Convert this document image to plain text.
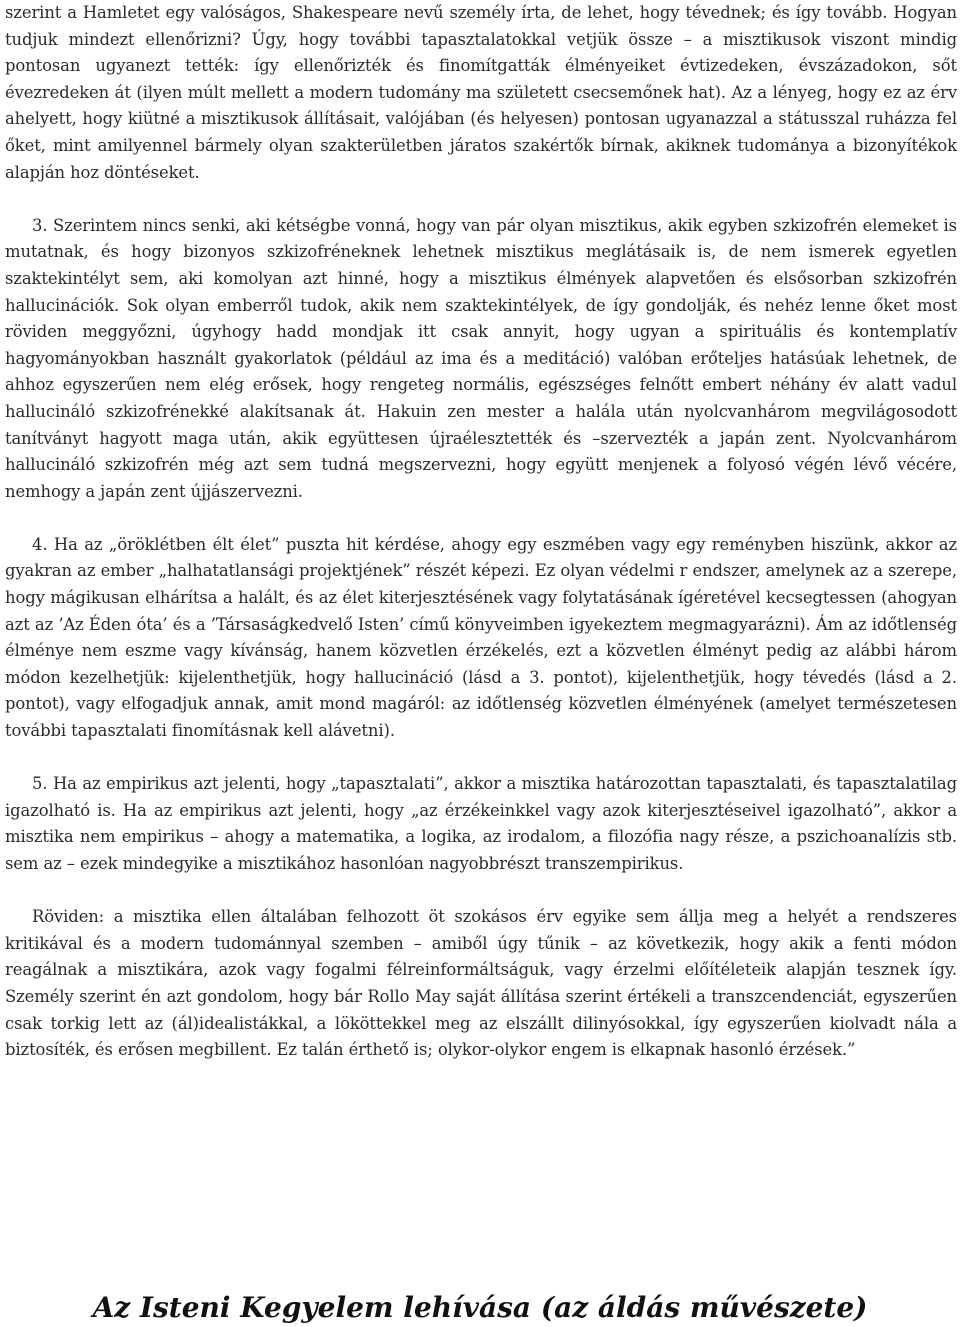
szerint a Hamletet egy valóságos, Shakespeare nevű személy írta, de lehet, hogy tévednek; és így tovább. Hogyan tudjuk mindezt ellenőrizni? Úgy, hogy további tapasztalatokkal vetjük össze – a misztikusok viszont mindig pontosan ugyanezt tették: így ellenőrizték és finomítgatták élményeiket évtizedeken, évszázadokon, sőt évezredeken át (ilyen múlt mellett a modern tudomány ma született csecsemőnek hat). Az a lényeg, hogy ez az érv ahelyett, hogy kiütné a misztikusok állításait, valójában (és helyesen) pontosan ugyanazzal a státusszal ruházza fel őket, mint amilyennel bármely olyan szakterületben járatos szakértők bírnak, akiknek tudománya a bizonyítékok alapján hoz döntéseket.

3. Szerintem nincs senki, aki kétségbe vonná, hogy van pár olyan misztikus, akik egyben szkizofrén elemeket is mutatnak, és hogy bizonyos szkizofréneknek lehetnek misztikus meglátásaik is, de nem ismerek egyetlen szaktekintélyt sem, aki komolyan azt hinné, hogy a misztikus élmények alapvetően és elsősorban szkizofrén hallucinációk. Sok olyan emberről tudok, akik nem szaktekintélyek, de így gondolják, és nehéz lenne őket most röviden meggyőzni, úgyhogy hadd mondjak itt csak annyit, hogy ugyan a spirituális és kontemplatív hagyományokban használt gyakorlatok (például az ima és a meditáció) valóban erőteljes hatásúak lehetnek, de ahhoz egyszerűen nem elég erősek, hogy rengeteg normális, egészséges felnőtt embert néhány év alatt vadul hallucináló szkizofrénekké alakítsanak át. Hakuin zen mester a halála után nyolcvanhárom megvilágosodott tanítványt hagyott maga után, akik együttesen újraélesztették és –szervezték a japán zent. Nyolcvanhárom hallucináló szkizofrén még azt sem tudná megszervezni, hogy együtt menjenek a folyosó végén lévő vécére, nemhogy a japán zent újjászervezni.

4. Ha az „öröklétben élt élet” puszta hit kérdése, ahogy egy eszmében vagy egy reményben hiszünk, akkor az gyakran az ember „halhatatlansági projektjének” részét képezi. Ez olyan védelmi r endszer, amelynek az a szerepe, hogy mágikusan elhárítsa a halált, és az élet kiterjesztésének vagy folytatásának ígéretével kecsegtessen (ahogyan azt az ’Az Éden óta’ és a ’Társaságkedvelő Isten’ című könyveimben igyekeztem megmagyarázni). Ám az időtlenség élménye nem eszme vagy kívánság, hanem közvetlen érzékelés, ezt a közvetlen élményt pedig az alábbi három módon kezelhetjük: kijelenthetjük, hogy hallucináció (lásd a 3. pontot), kijelenthetjük, hogy tévedés (lásd a 2. pontot), vagy elfogadjuk annak, amit mond magáról: az időtlenség közvetlen élményének (amelyet természetesen további tapasztalati finomításnak kell alávetni).

5. Ha az empirikus azt jelenti, hogy „tapasztalati”, akkor a misztika határozottan tapasztalati, és tapasztalatilag igazolható is. Ha az empirikus azt jelenti, hogy „az érzékeinkkel vagy azok kiterjesztéseivel igazolható”, akkor a misztika nem empirikus – ahogy a matematika, a logika, az irodalom, a filozófia nagy része, a pszichoanalízis stb. sem az – ezek mindegyike a misztikához hasonlóan nagyobbrészt transzempirikus.

Röviden: a misztika ellen általában felhozott öt szokásos érv egyike sem állja meg a helyét a rendszeres kritikával és a modern tudománnyal szemben – amiből úgy tűnik – az következik, hogy akik a fenti módon reagálnak a misztikára, azok vagy fogalmi félreinformáltságuk, vagy érzelmi előítéleteik alapján tesznek így. Személy szerint én azt gondolom, hogy bár Rollo May saját állítása szerint értékeli a transzcendenciát, egyszerűen csak torkig lett az (ál)idealistákkal, a lököttekkel meg az elszállt dilinyósokkal, így egyszerűen kiolvadt nála a biztosíték, és erősen megbillent. Ez talán érthető is; olykor-olykor engem is elkapnak hasonló érzések.”

Az Isteni Kegyelem lehívása (az áldás művészete)
